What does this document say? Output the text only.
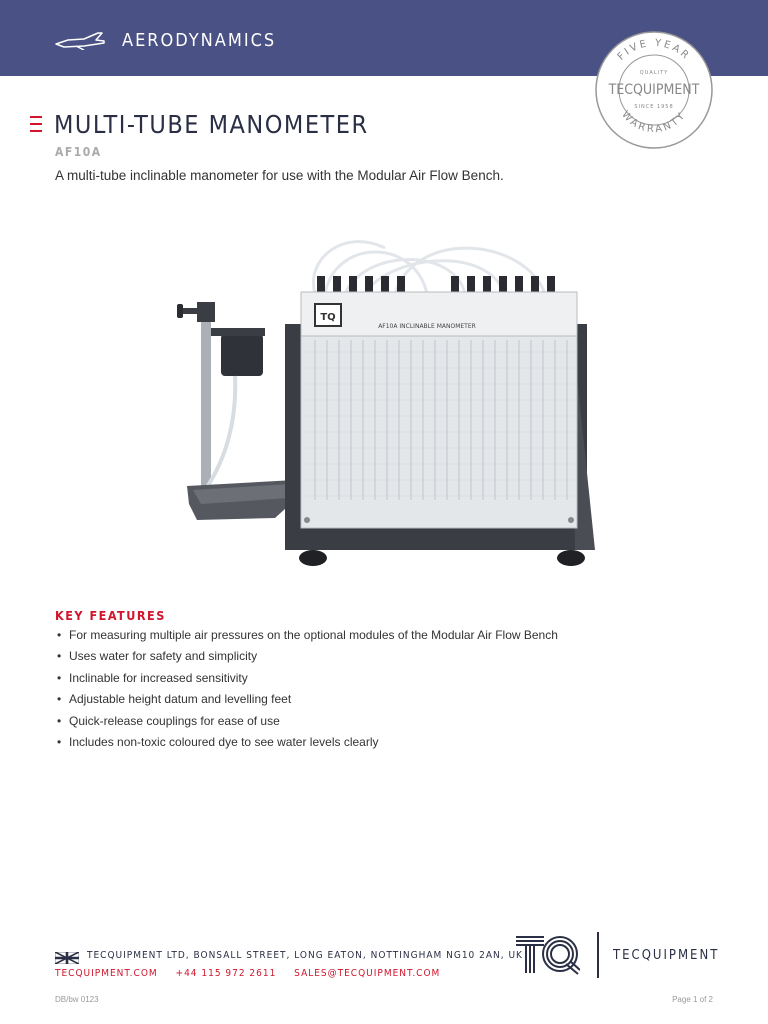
AERODYNAMICS
FIVE YEAR
WARRANTY
QUALITY
TECQUIPMENT
SINCE 1958
MULTI-TUBE MANOMETER
AF10A
A multi-tube inclinable manometer for use with the Modular Air Flow Bench.
TQ
AF10A INCLINABLE MANOMETER
KEY FEATURES
• For measuring multiple air pressures on the optional modules of the Modular Air Flow Bench
• Uses water for safety and simplicity
• Inclinable for increased sensitivity
• Adjustable height datum and levelling feet
• Quick-release couplings for ease of use
• Includes non-toxic coloured dye to see water levels clearly
TECQUIPMENT LTD, BONSALL STREET, LONG EATON, NOTTINGHAM NG10 2AN, UK
TECQUIPMENT.COM +44 115 972 2611 SALES@TECQUIPMENT.COM
TECQUIPMENT
DB/bw 0123	Page 1 of 2
